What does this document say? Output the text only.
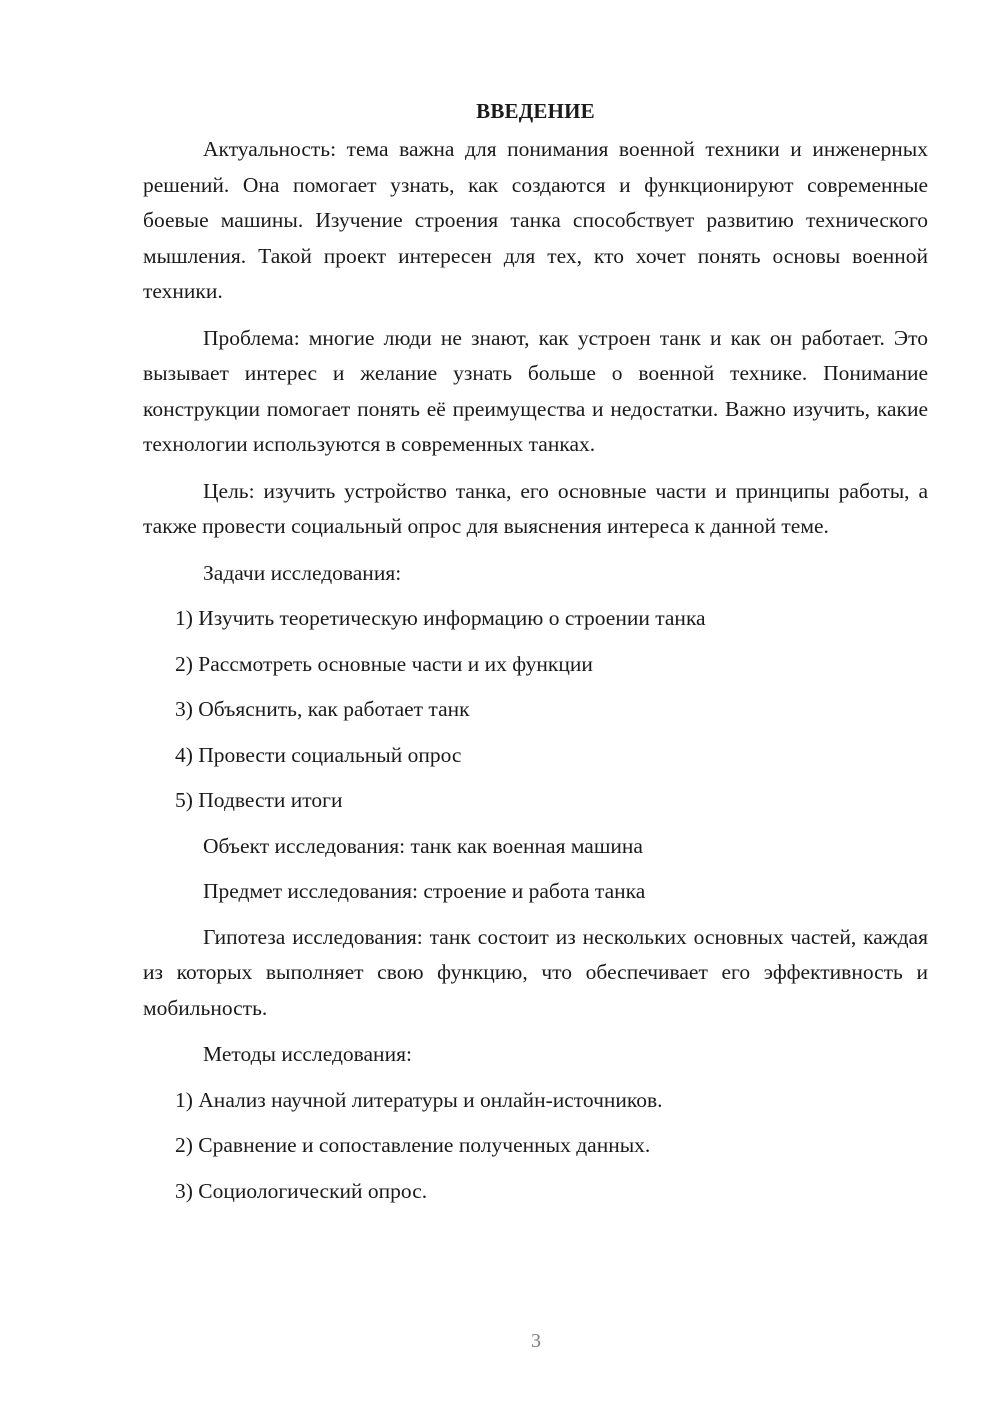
ВВЕДЕНИЕ

Актуальность: тема важна для понимания военной техники и инженерных решений. Она помогает узнать, как создаются и функционируют современные боевые машины. Изучение строения танка способствует развитию технического мышления. Такой проект интересен для тех, кто хочет понять основы военной техники.

Проблема: многие люди не знают, как устроен танк и как он работает. Это вызывает интерес и желание узнать больше о военной технике. Понимание конструкции помогает понять её преимущества и недостатки. Важно изучить, какие технологии используются в современных танках.

Цель: изучить устройство танка, его основные части и принципы работы, а также провести социальный опрос для выяснения интереса к данной теме.

Задачи исследования:
1) Изучить теоретическую информацию о строении танка
2) Рассмотреть основные части и их функции
3) Объяснить, как работает танк
4) Провести социальный опрос
5) Подвести итоги
Объект исследования: танк как военная машина
Предмет исследования: строение и работа танка

Гипотеза исследования: танк состоит из нескольких основных частей, каждая из которых выполняет свою функцию, что обеспечивает его эффективность и мобильность.

Методы исследования:
1) Анализ научной литературы и онлайн-источников.
2) Сравнение и сопоставление полученных данных.
3) Социологический опрос.
3
